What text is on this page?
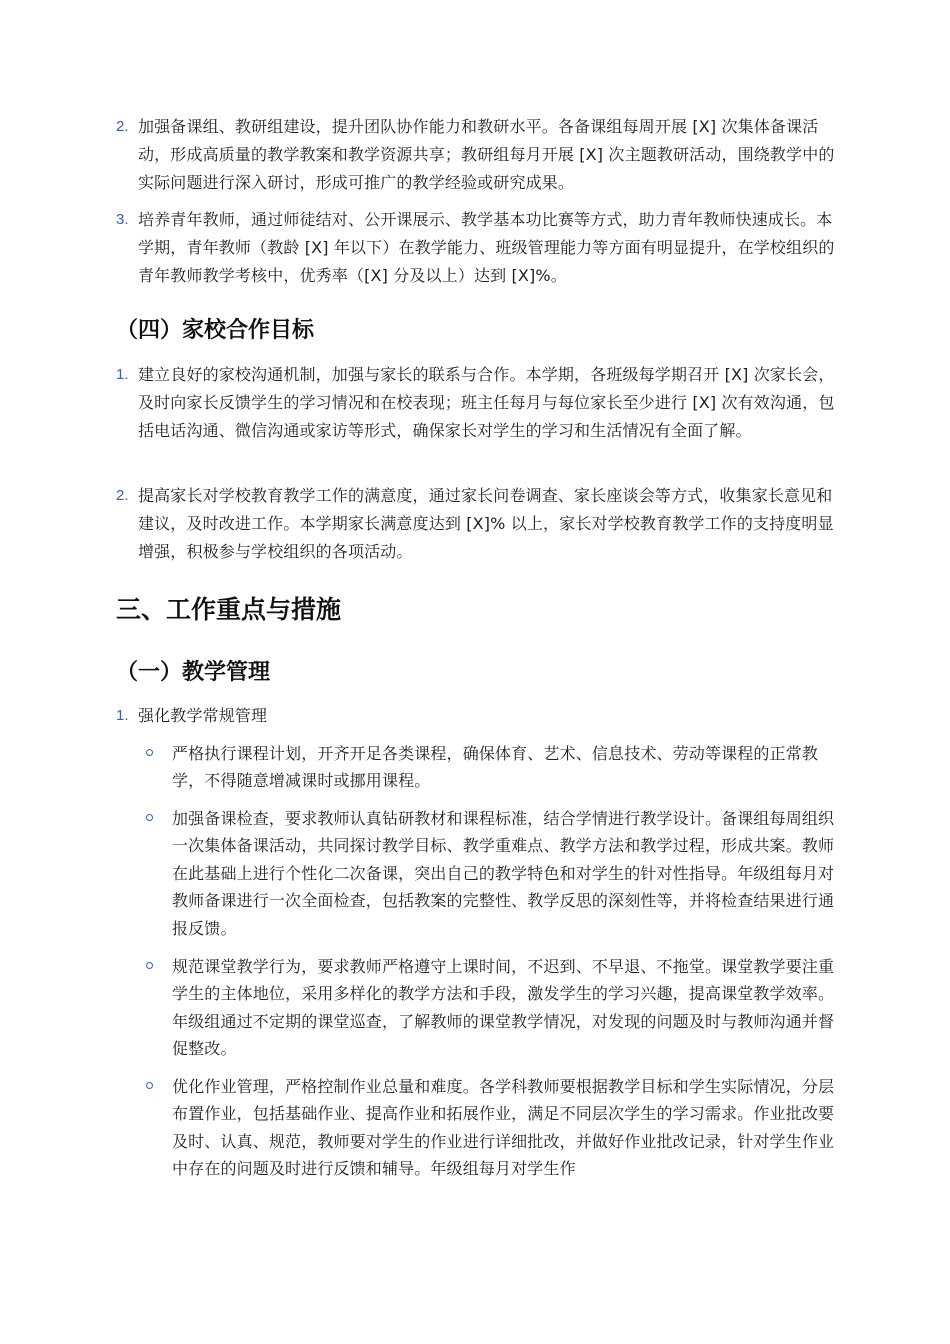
2. 加强备课组、教研组建设，提升团队协作能力和教研水平。各备课组每周开展 [X] 次集体备课活动，形成高质量的教学教案和教学资源共享；教研组每月开展 [X] 次主题教研活动，围绕教学中的实际问题进行深入研讨，形成可推广的教学经验或研究成果。

3. 培养青年教师，通过师徒结对、公开课展示、教学基本功比赛等方式，助力青年教师快速成长。本学期，青年教师（教龄 [X] 年以下）在教学能力、班级管理能力等方面有明显提升，在学校组织的青年教师教学考核中，优秀率（[X] 分及以上）达到 [X]%。

（四）家校合作目标
1. 建立良好的家校沟通机制，加强与家长的联系与合作。本学期，各班级每学期召开 [X] 次家长会，及时向家长反馈学生的学习情况和在校表现；班主任每月与每位家长至少进行 [X] 次有效沟通，包括电话沟通、微信沟通或家访等形式，确保家长对学生的学习和生活情况有全面了解。

2. 提高家长对学校教育教学工作的满意度，通过家长问卷调查、家长座谈会等方式，收集家长意见和建议，及时改进工作。本学期家长满意度达到 [X]% 以上，家长对学校教育教学工作的支持度明显增强，积极参与学校组织的各项活动。

三、工作重点与措施
（一）教学管理
1. 强化教学常规管理

严格执行课程计划，开齐开足各类课程，确保体育、艺术、信息技术、劳动等课程的正常教学，不得随意增减课时或挪用课程。

加强备课检查，要求教师认真钻研教材和课程标准，结合学情进行教学设计。备课组每周组织一次集体备课活动，共同探讨教学目标、教学重难点、教学方法和教学过程，形成共案。教师在此基础上进行个性化二次备课，突出自己的教学特色和对学生的针对性指导。年级组每月对教师备课进行一次全面检查，包括教案的完整性、教学反思的深刻性等，并将检查结果进行通报反馈。

规范课堂教学行为，要求教师严格遵守上课时间，不迟到、不早退、不拖堂。课堂教学要注重学生的主体地位，采用多样化的教学方法和手段，激发学生的学习兴趣，提高课堂教学效率。年级组通过不定期的课堂巡查，了解教师的课堂教学情况，对发现的问题及时与教师沟通并督促整改。

优化作业管理，严格控制作业总量和难度。各学科教师要根据教学目标和学生实际情况，分层布置作业，包括基础作业、提高作业和拓展作业，满足不同层次学生的学习需求。作业批改要及时、认真、规范，教师要对学生的作业进行详细批改，并做好作业批改记录，针对学生作业中存在的问题及时进行反馈和辅导。年级组每月对学生作
